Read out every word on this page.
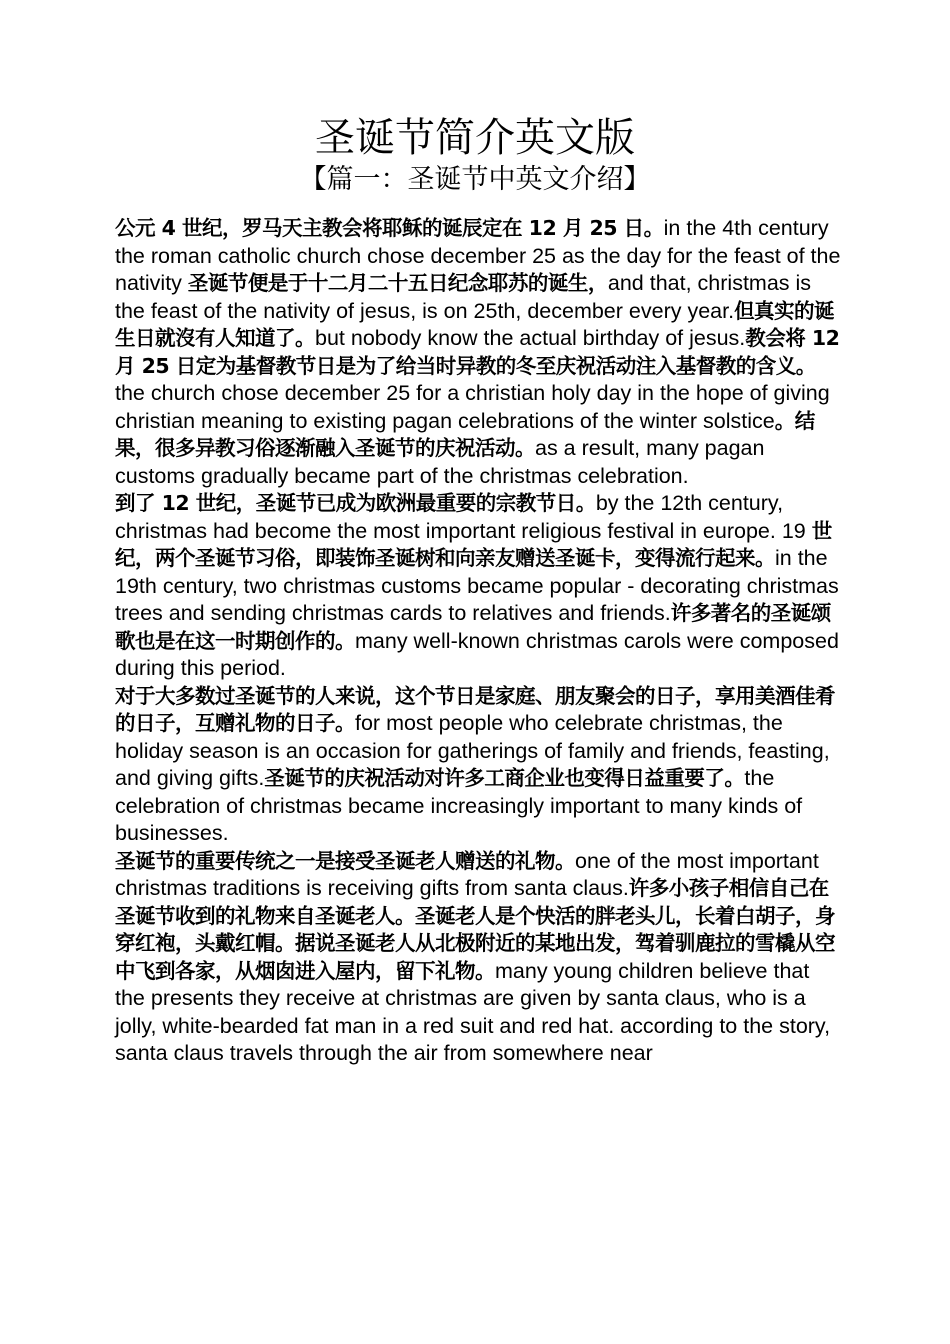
圣诞节简介英文版
【篇一：圣诞节中英文介绍】

公元 4 世纪，罗马天主教会将耶稣的诞辰定在 12 月 25 日。in the 4th century the roman catholic church chose december 25 as the day for the feast of the nativity 圣诞节便是于十二月二十五日纪念耶苏的诞生，and that, christmas is the feast of the nativity of jesus, is on 25th, december every year.但真实的诞生日就沒有人知道了。but nobody know the actual birthday of jesus.教会将 12 月 25 日定为基督教节日是为了给当时异教的冬至庆祝活动注入基督教的含义。the church chose december 25 for a christian holy day in the hope of giving christian meaning to existing pagan celebrations of the winter solstice。结果，很多异教习俗逐渐融入圣诞节的庆祝活动。as a result, many pagan customs gradually became part of the christmas celebration.

到了 12 世纪，圣诞节已成为欧洲最重要的宗教节日。by the 12th century, christmas had become the most important religious festival in europe. 19 世纪，两个圣诞节习俗，即装饰圣诞树和向亲友赠送圣诞卡，变得流行起来。in the 19th century, two christmas customs became popular - decorating christmas trees and sending christmas cards to relatives and friends.许多著名的圣诞颂歌也是在这一时期创作的。many well-known christmas carols were composed during this period.

对于大多数过圣诞节的人来说，这个节日是家庭、朋友聚会的日子，享用美酒佳肴的日子，互赠礼物的日子。for most people who celebrate christmas, the holiday season is an occasion for gatherings of family and friends, feasting, and giving gifts.圣诞节的庆祝活动对许多工商企业也变得日益重要了。the celebration of christmas became increasingly important to many kinds of businesses.

圣诞节的重要传统之一是接受圣诞老人赠送的礼物。one of the most important christmas traditions is receiving gifts from santa claus.许多小孩子相信自己在圣诞节收到的礼物来自圣诞老人。圣诞老人是个快活的胖老头儿，长着白胡子，身穿红袍，头戴红帽。据说圣诞老人从北极附近的某地出发，驾着驯鹿拉的雪橇从空中飞到各家，从烟囱进入屋内，留下礼物。many young children believe that the presents they receive at christmas are given by santa claus, who is a jolly, white-bearded fat man in a red suit and red hat. according to the story, santa claus travels through the air from somewhere near
